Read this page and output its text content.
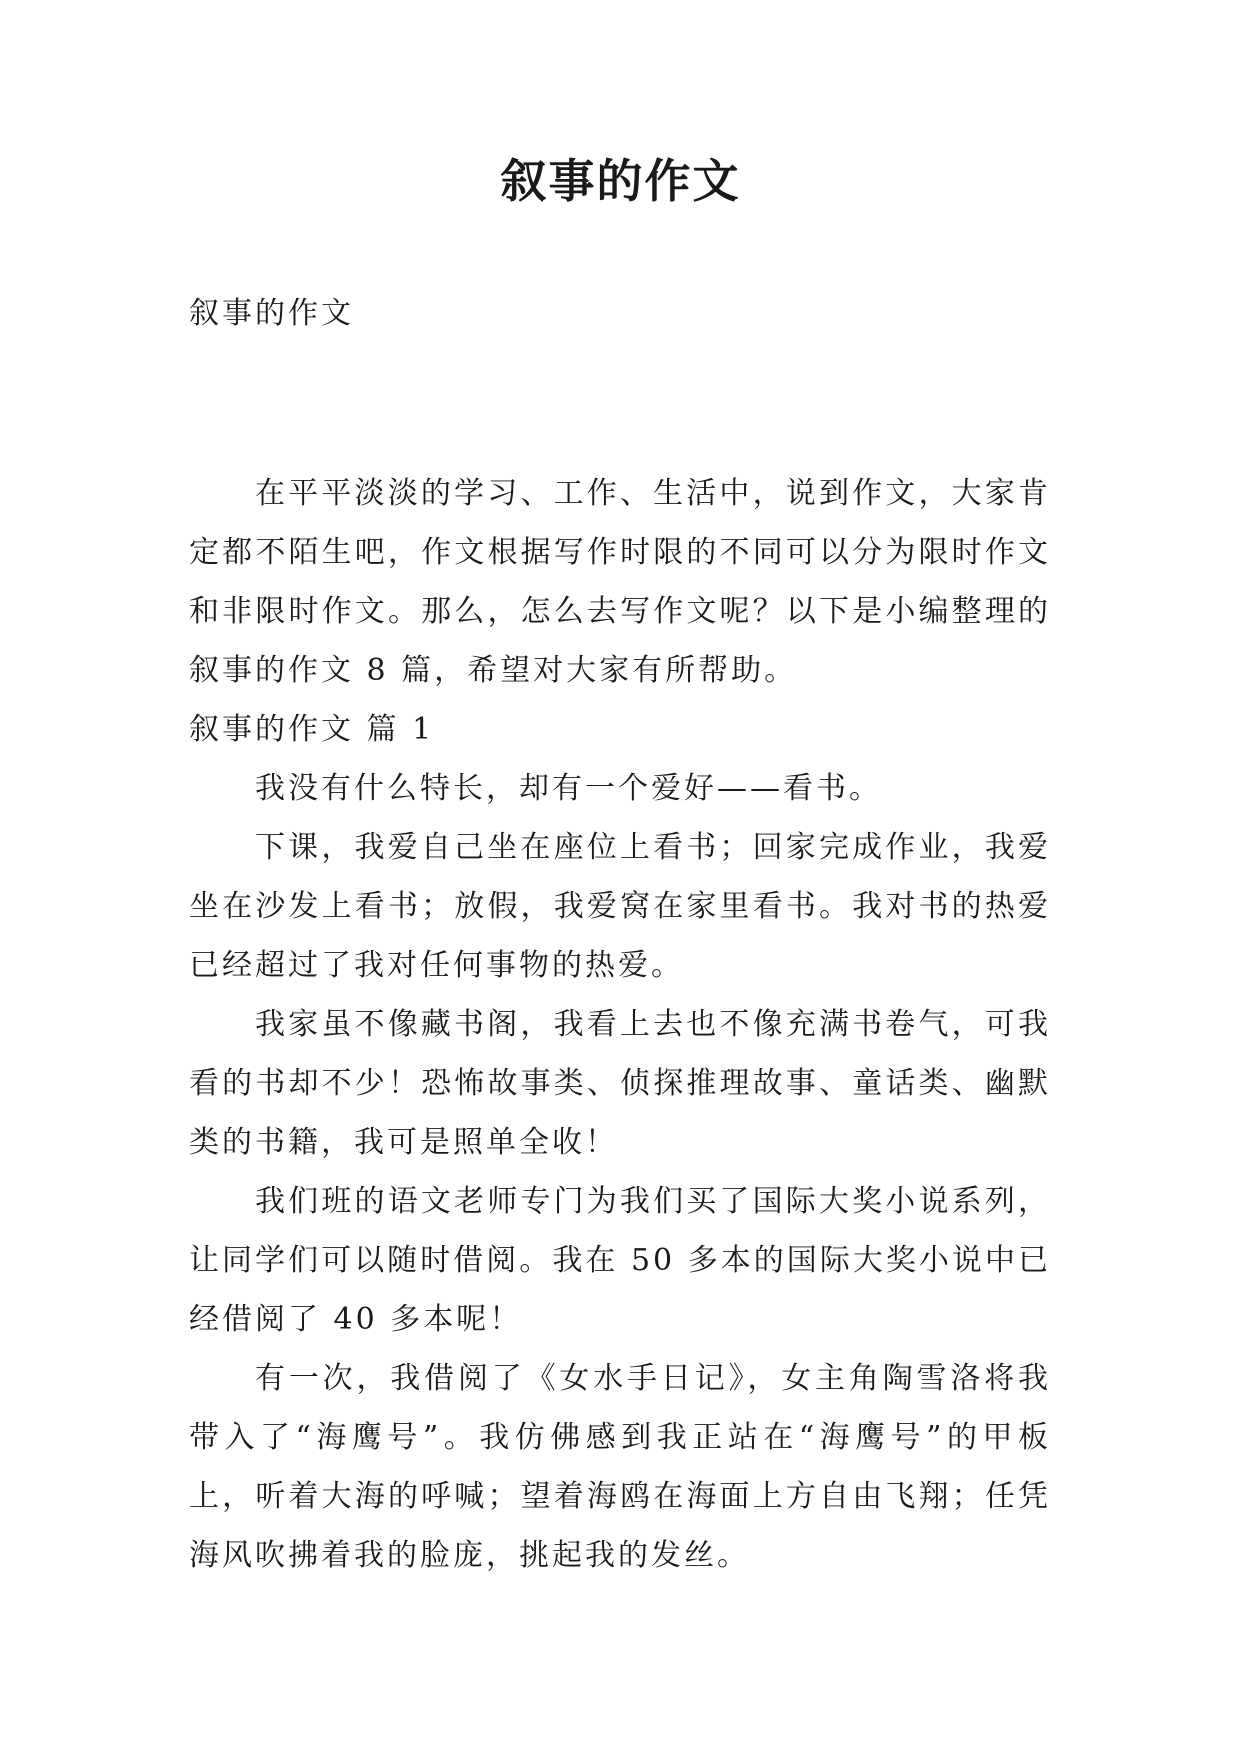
叙事的作文

叙事的作文

在平平淡淡的学习、工作、生活中，说到作文，大家肯定都不陌生吧，作文根据写作时限的不同可以分为限时作文和非限时作文。那么，怎么去写作文呢？以下是小编整理的叙事的作文 8 篇，希望对大家有所帮助。

叙事的作文 篇 1

我没有什么特长，却有一个爱好——看书。

下课，我爱自己坐在座位上看书；回家完成作业，我爱坐在沙发上看书；放假，我爱窝在家里看书。我对书的热爱已经超过了我对任何事物的热爱。

我家虽不像藏书阁，我看上去也不像充满书卷气，可我看的书却不少！恐怖故事类、侦探推理故事、童话类、幽默类的书籍，我可是照单全收！

我们班的语文老师专门为我们买了国际大奖小说系列，让同学们可以随时借阅。我在 50 多本的国际大奖小说中已经借阅了 40 多本呢！

有一次，我借阅了《女水手日记》，女主角陶雪洛将我带入了“海鹰号”。我仿佛感到我正站在“海鹰号”的甲板上，听着大海的呼喊；望着海鸥在海面上方自由飞翔；任凭海风吹拂着我的脸庞，挑起我的发丝。
